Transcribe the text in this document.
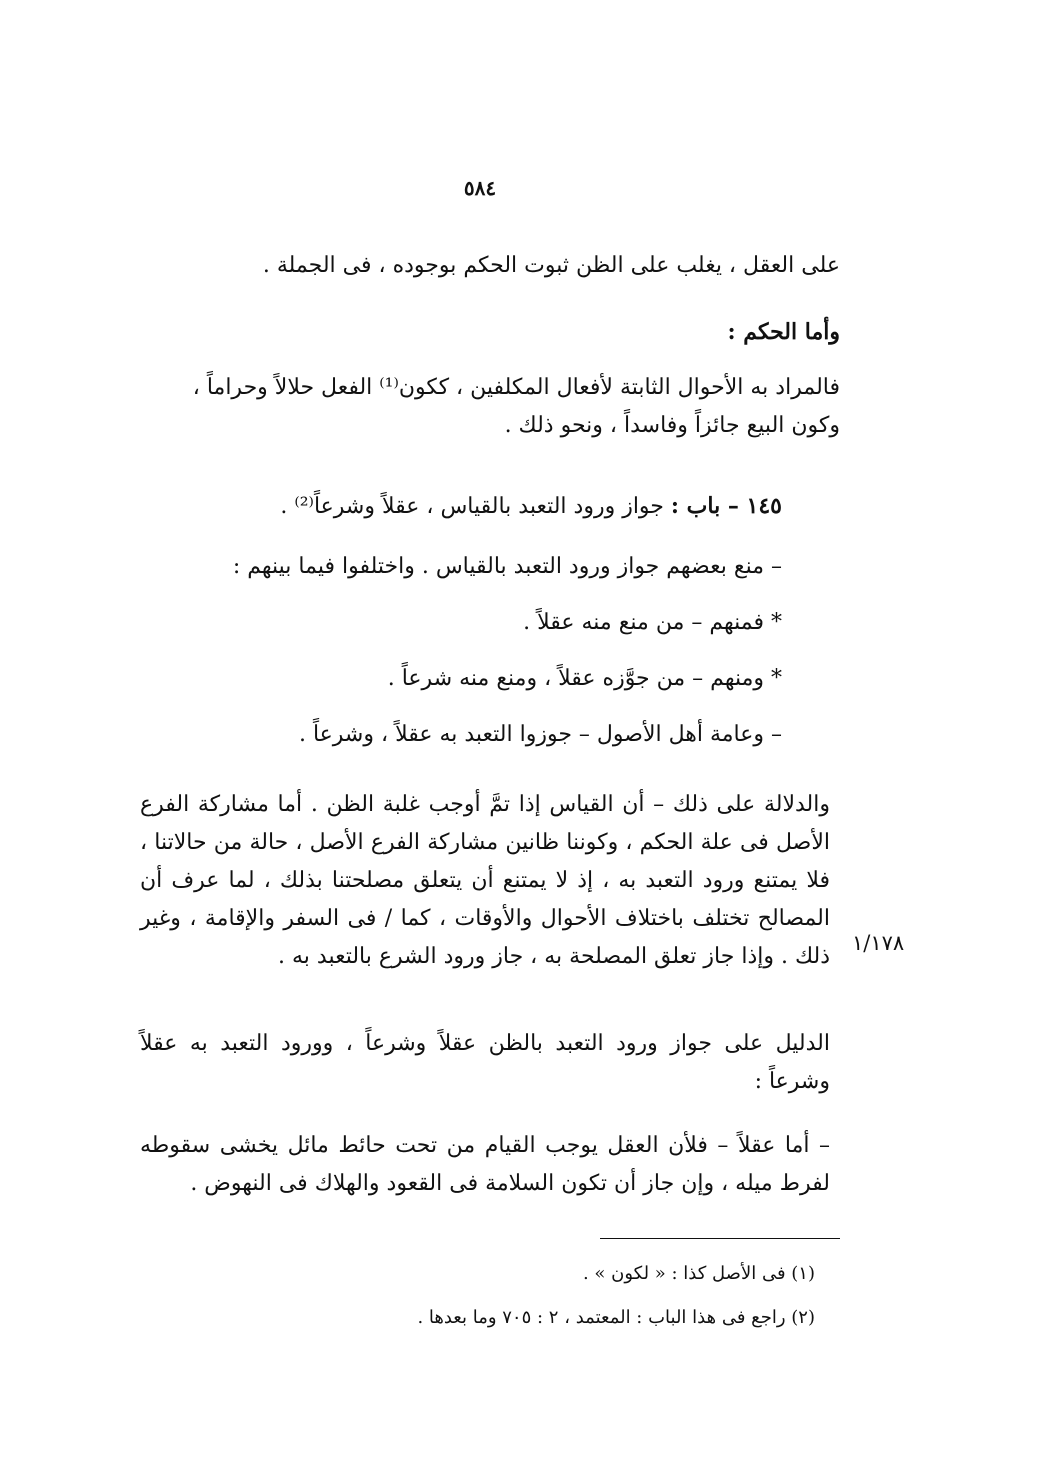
٥٨٤

على العقل ، يغلب على الظن ثبوت الحكم بوجوده ، فى الجملة .

وأما الحكم :

فالمراد به الأحوال الثابتة لأفعال المكلفين ، ككون⁽¹⁾ الفعل حلالاً وحراماً ،

وكون البيع جائزاً وفاسداً ، ونحو ذلك .

١٤٥ – باب : جواز ورود التعبد بالقياس ، عقلاً وشرعاً⁽²⁾ .

– منع بعضهم جواز ورود التعبد بالقياس . واختلفوا فيما بينهم :

* فمنهم – من منع منه عقلاً .

* ومنهم – من جوَّزه عقلاً ، ومنع منه شرعاً .

– وعامة أهل الأصول – جوزوا التعبد به عقلاً ، وشرعاً .

والدلالة على ذلك – أن القياس إذا تمَّ أوجب غلبة الظن . أما مشاركة الفرع الأصل فى علة الحكم ، وكوننا ظانين مشاركة الفرع الأصل ، حالة من حالاتنا ، فلا يمتنع ورود التعبد به ، إذ لا يمتنع أن يتعلق مصلحتنا بذلك ، لما عرف أن المصالح تختلف باختلاف الأحوال والأوقات ، كما / فى السفر والإقامة ، وغير ذلك . وإذا جاز تعلق المصلحة به ، جاز ورود الشرع بالتعبد به .

١/١٧٨

الدليل على جواز ورود التعبد بالظن عقلاً وشرعاً ، وورود التعبد به عقلاً وشرعاً :

– أما عقلاً – فلأن العقل يوجب القيام من تحت حائط مائل يخشى سقوطه لفرط ميله ، وإن جاز أن تكون السلامة فى القعود والهلاك فى النهوض .

(١) فى الأصل كذا : « لكون » .

(٢) راجع فى هذا الباب : المعتمد ، ٢ : ٧٠٥ وما بعدها .
